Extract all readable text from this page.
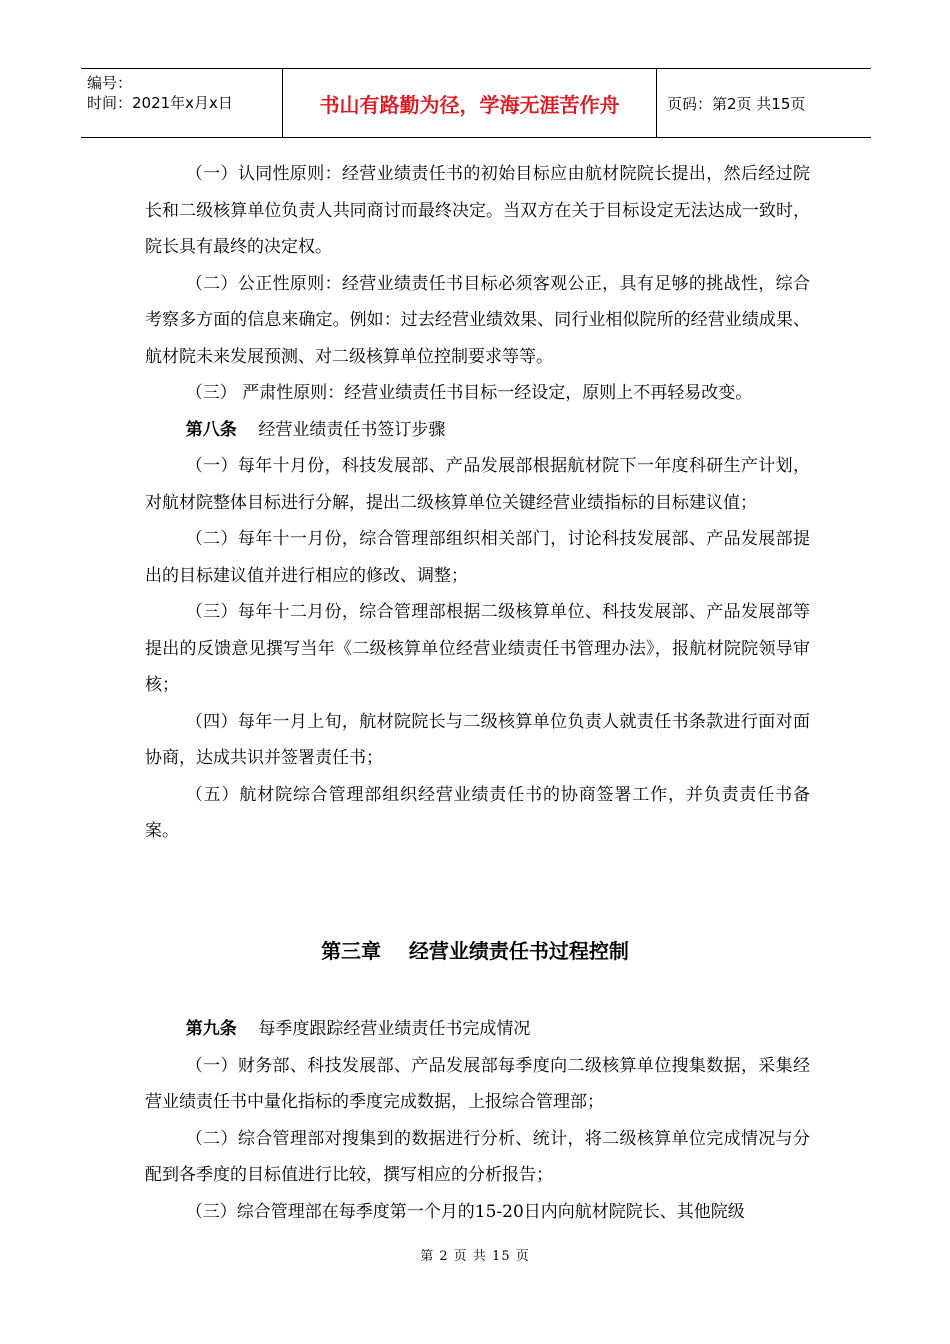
编号：
时间：2021年x月x日	书山有路勤为径，学海无涯苦作舟	页码：第2页 共15页

（一）认同性原则：经营业绩责任书的初始目标应由航材院院长提出，然后经过院长和二级核算单位负责人共同商讨而最终决定。当双方在关于目标设定无法达成一致时，院长具有最终的决定权。

（二）公正性原则：经营业绩责任书目标必须客观公正，具有足够的挑战性，综合考察多方面的信息来确定。例如：过去经营业绩效果、同行业相似院所的经营业绩成果、航材院未来发展预测、对二级核算单位控制要求等等。

（三） 严肃性原则：经营业绩责任书目标一经设定，原则上不再轻易改变。

第八条 经营业绩责任书签订步骤

（一）每年十月份，科技发展部、产品发展部根据航材院下一年度科研生产计划，对航材院整体目标进行分解，提出二级核算单位关键经营业绩指标的目标建议值；

（二）每年十一月份，综合管理部组织相关部门，讨论科技发展部、产品发展部提出的目标建议值并进行相应的修改、调整；

（三）每年十二月份，综合管理部根据二级核算单位、科技发展部、产品发展部等提出的反馈意见撰写当年《二级核算单位经营业绩责任书管理办法》，报航材院院领导审核；

（四）每年一月上旬，航材院院长与二级核算单位负责人就责任书条款进行面对面协商，达成共识并签署责任书；

（五）航材院综合管理部组织经营业绩责任书的协商签署工作，并负责责任书备案。

第三章    经营业绩责任书过程控制

第九条 每季度跟踪经营业绩责任书完成情况

（一）财务部、科技发展部、产品发展部每季度向二级核算单位搜集数据，采集经营业绩责任书中量化指标的季度完成数据，上报综合管理部；

（二）综合管理部对搜集到的数据进行分析、统计，将二级核算单位完成情况与分配到各季度的目标值进行比较，撰写相应的分析报告；

（三）综合管理部在每季度第一个月的15-20日内向航材院院长、其他院级

第 2 页 共 15 页
